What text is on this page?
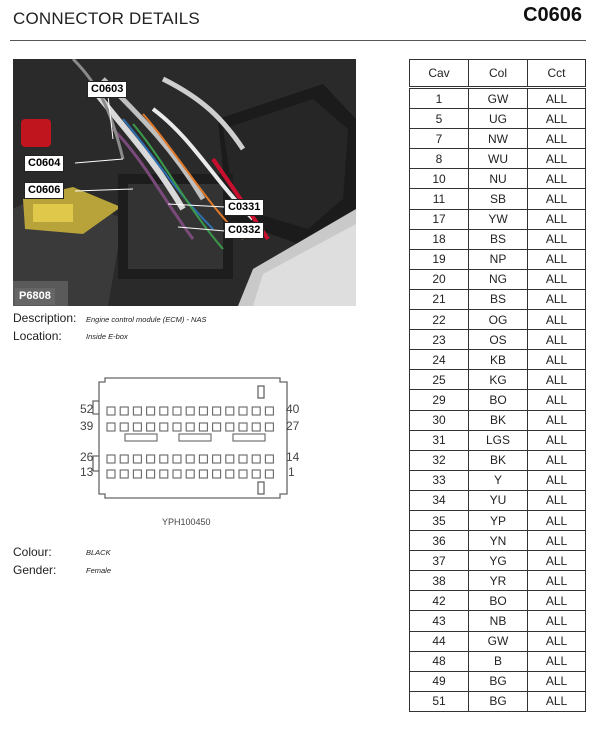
CONNECTOR DETAILS	C0606
C0603
C0604
C0606
C0331
C0332
P6808
Description: Engine control module (ECM) - NAS
Location:	Inside E-box
52	40
39	27
26	14
13	1
YPH100450
Colour:	BLACK
Gender:	Female
Cav	Col	Cct
1	GW	ALL
5	UG	ALL
7	NW	ALL
8	WU	ALL
10	NU	ALL
11	SB	ALL
17	YW	ALL
18	BS	ALL
19	NP	ALL
20	NG	ALL
21	BS	ALL
22	OG	ALL
23	OS	ALL
24	KB	ALL
25	KG	ALL
29	BO	ALL
30	BK	ALL
31	LGS	ALL
32	BK	ALL
33	Y	ALL
34	YU	ALL
35	YP	ALL
36	YN	ALL
37	YG	ALL
38	YR	ALL
42	BO	ALL
43	NB	ALL
44	GW	ALL
48	B	ALL
49	BG	ALL
51	BG	ALL
